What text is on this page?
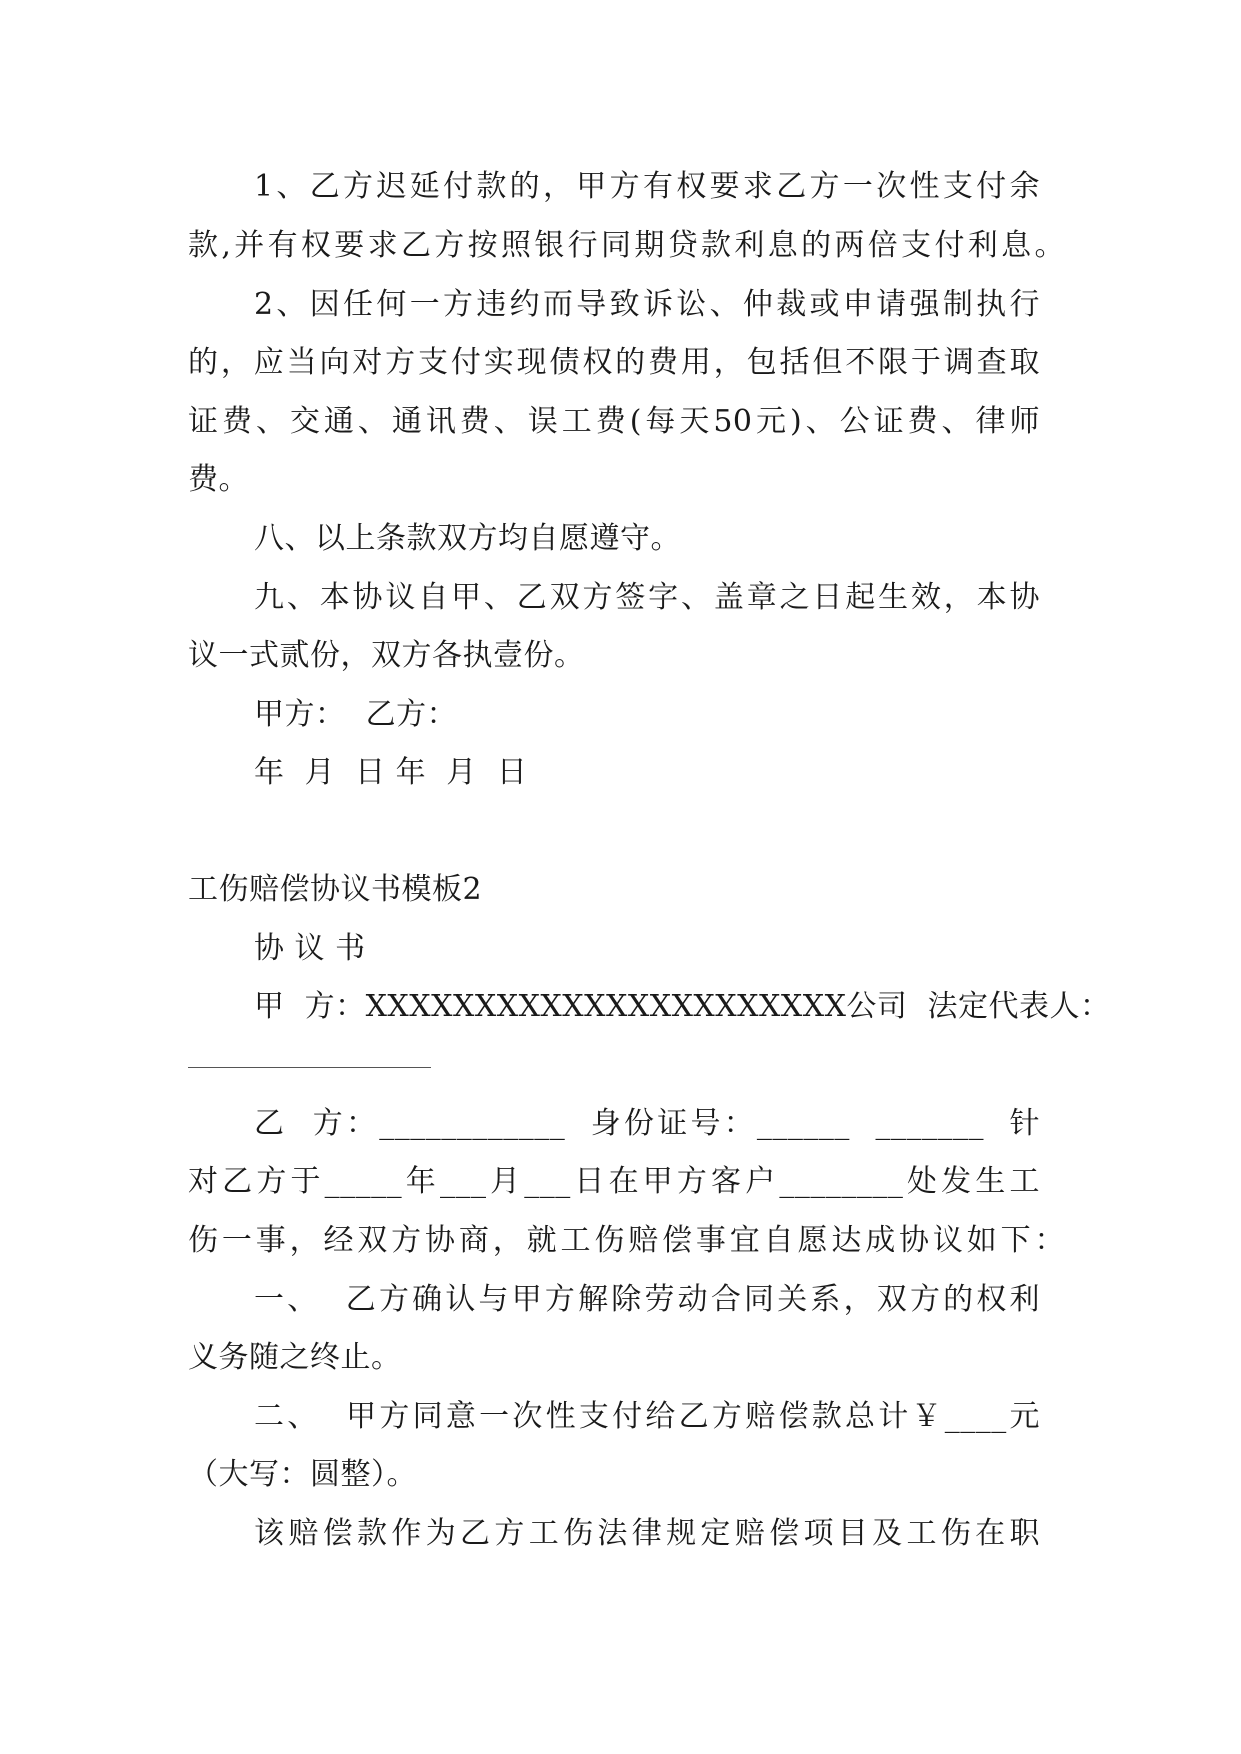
1、乙方迟延付款的，甲方有权要求乙方一次性支付余
款,并有权要求乙方按照银行同期贷款利息的两倍支付利息。
2、因任何一方违约而导致诉讼、仲裁或申请强制执行
的，应当向对方支付实现债权的费用，包括但不限于调查取
证费、交通、通讯费、误工费(每天50元)、公证费、律师
费。
八、以上条款双方均自愿遵守。
九、本协议自甲、乙双方签字、盖章之日起生效，本协
议一式贰份，双方各执壹份。
甲方：  乙方：
年  月  日 年  月  日
工伤赔偿协议书模板2
协 议 书
甲  方：XXXXXXXXXXXXXXXXXXXXXX公司  法定代表人：
乙  方：____________  身份证号：______  _______  针
对乙方于_____年___月___日在甲方客户________处发生工
伤一事，经双方协商，就工伤赔偿事宜自愿达成协议如下：
一、  乙方确认与甲方解除劳动合同关系，双方的权利
义务随之终止。
二、  甲方同意一次性支付给乙方赔偿款总计￥____元
（大写：圆整）。
该赔偿款作为乙方工伤法律规定赔偿项目及工伤在职
